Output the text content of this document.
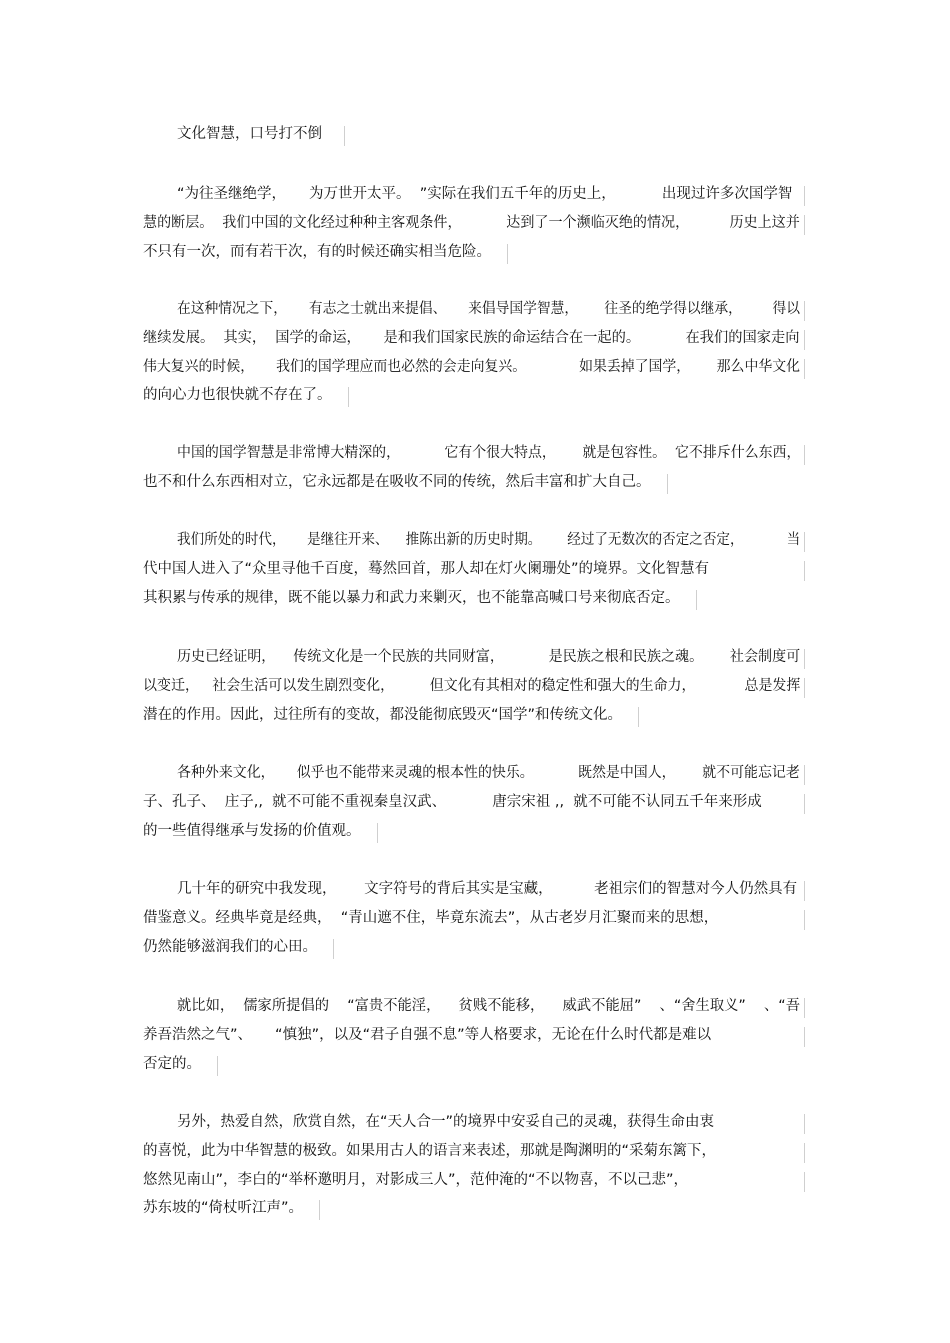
文化智慧，口号打不倒
“为往圣继绝学，     为万世开太平。  ”实际在我们五千年的历史上，          出现过许多次国学智
慧的断层。  我们中国的文化经过种种主客观条件，          达到了一个濒临灭绝的情况，         历史上这并
不只有一次，而有若干次，有的时候还确实相当危险。
在这种情况之下，     有志之士就出来提倡、     来倡导国学智慧，      往圣的绝学得以继承，       得以
继续发展。  其实，  国学的命运，     是和我们国家民族的命运结合在一起的。          在我们的国家走向
伟大复兴的时候，     我们的国学理应而也必然的会走向复兴。            如果丢掉了国学，      那么中华文化
的向心力也很快就不存在了。
中国的国学智慧是非常博大精深的，          它有个很大特点，      就是包容性。  它不排斥什么东西，
也不和什么东西相对立，它永远都是在吸收不同的传统，然后丰富和扩大自己。
我们所处的时代，     是继往开来、    推陈出新的历史时期。      经过了无数次的否定之否定，          当
代中国人进入了“众里寻他千百度，蓦然回首，那人却在灯火阑珊处”的境界。文化智慧有
其积累与传承的规律，既不能以暴力和武力来剿灭，也不能靠高喊口号来彻底否定。
历史已经证明，    传统文化是一个民族的共同财富，          是民族之根和民族之魂。      社会制度可
以变迁，   社会生活可以发生剧烈变化，        但文化有其相对的稳定性和强大的生命力，           总是发挥
潜在的作用。因此，过往所有的变故，都没能彻底毁灭“国学”和传统文化。
各种外来文化，     似乎也不能带来灵魂的根本性的快乐。          既然是中国人，      就不可能忘记老
子、孔子、  庄子,,  就不可能不重视秦皇汉武、          唐宗宋祖 ,,  就不可能不认同五千年来形成
的一些值得继承与发扬的价值观。
几十年的研究中我发现，      文字符号的背后其实是宝藏，         老祖宗们的智慧对今人仍然具有
借鉴意义。经典毕竟是经典，  “青山遮不住，毕竟东流去”，从古老岁月汇聚而来的思想，
仍然能够滋润我们的心田。
就比如，  儒家所提倡的    “富贵不能淫，    贫贱不能移，    威武不能屈”    、“舍生取义”    、“吾
养吾浩然之气”、     “慎独”，以及“君子自强不息”等人格要求，无论在什么时代都是难以
否定的。
另外，热爱自然，欣赏自然，在“天人合一”的境界中安妥自己的灵魂，获得生命由衷
的喜悦，此为中华智慧的极致。如果用古人的语言来表述，那就是陶渊明的“采菊东篱下，
悠然见南山”，李白的“举杯邀明月，对影成三人”，范仲淹的“不以物喜，不以己悲”，
苏东坡的“倚杖听江声”。
